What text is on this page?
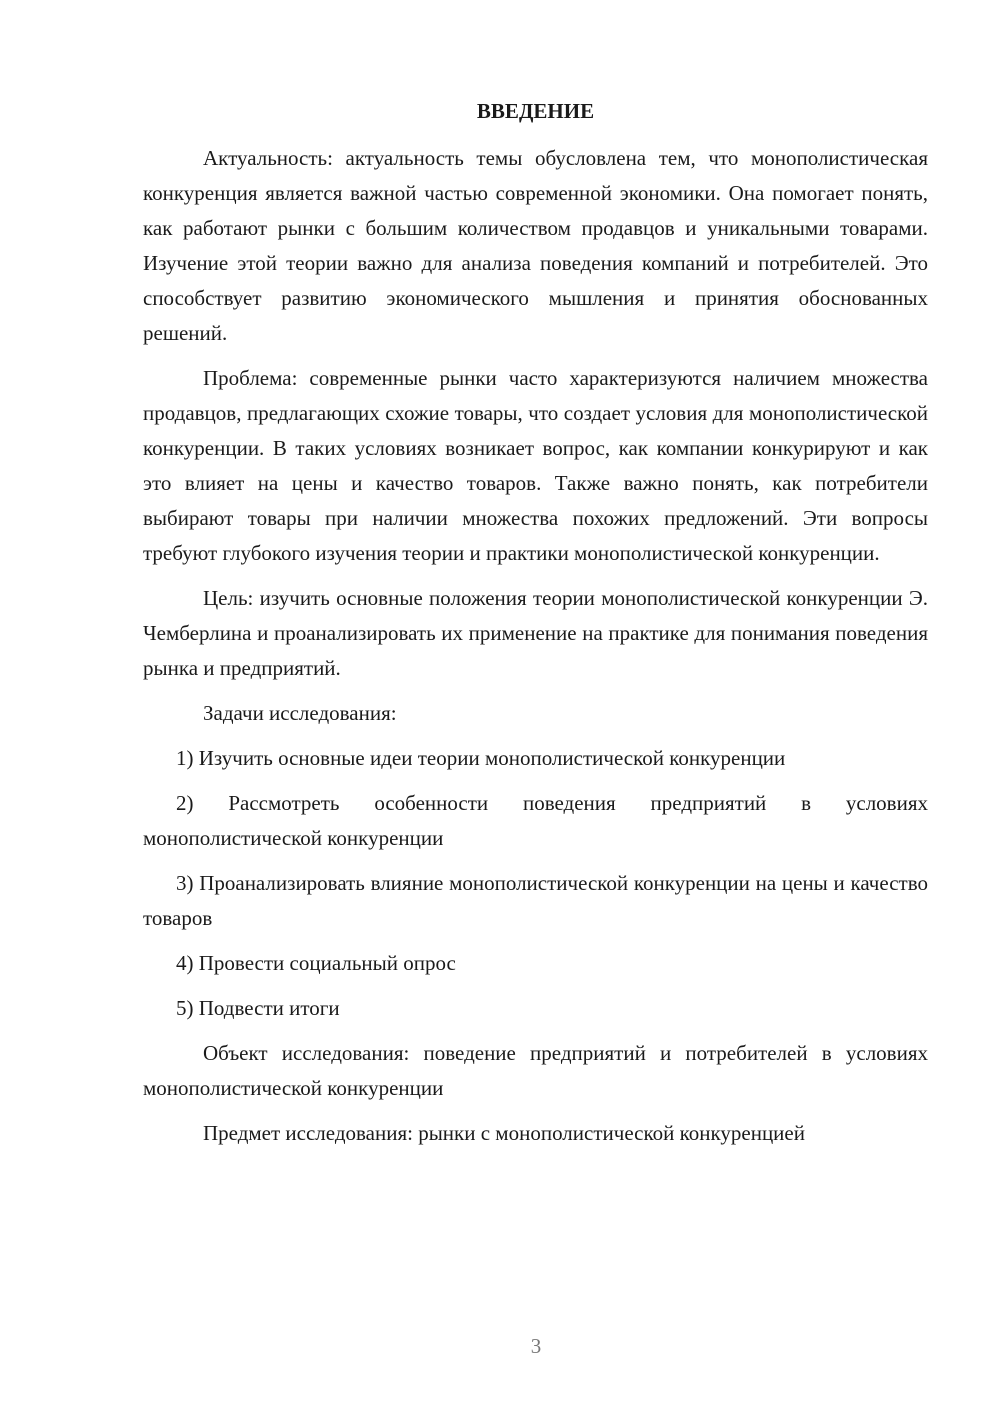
ВВЕДЕНИЕ

Актуальность: актуальность темы обусловлена тем, что монополистическая конкуренция является важной частью современной экономики. Она помогает понять, как работают рынки с большим количеством продавцов и уникальными товарами. Изучение этой теории важно для анализа поведения компаний и потребителей. Это способствует развитию экономического мышления и принятия обоснованных решений.

Проблема: современные рынки часто характеризуются наличием множества продавцов, предлагающих схожие товары, что создает условия для монополистической конкуренции. В таких условиях возникает вопрос, как компании конкурируют и как это влияет на цены и качество товаров. Также важно понять, как потребители выбирают товары при наличии множества похожих предложений. Эти вопросы требуют глубокого изучения теории и практики монополистической конкуренции.

Цель: изучить основные положения теории монополистической конкуренции Э. Чемберлина и проанализировать их применение на практике для понимания поведения рынка и предприятий.

Задачи исследования:

1) Изучить основные идеи теории монополистической конкуренции

2) Рассмотреть особенности поведения предприятий в условиях монополистической конкуренции

3) Проанализировать влияние монополистической конкуренции на цены и качество товаров

4) Провести социальный опрос

5) Подвести итоги

Объект исследования: поведение предприятий и потребителей в условиях монополистической конкуренции

Предмет исследования: рынки с монополистической конкуренцией

3
